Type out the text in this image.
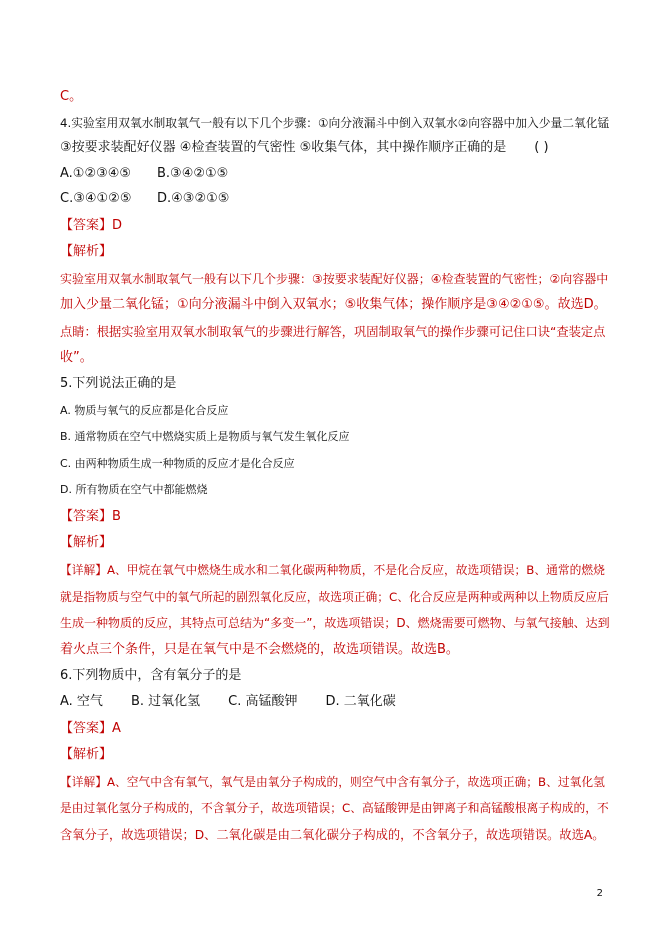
C。
4.实验室用双氧水制取氧气一般有以下几个步骤：①向分液漏斗中倒入双氧水②向容器中加入少量二氧化锰
③按要求装配好仪器 ④检查装置的气密性 ⑤收集气体，其中操作顺序正确的是 ( )
A.①②③④⑤ B.③④②①⑤
C.③④①②⑤ D.④③②①⑤
【答案】D
【解析】
实验室用双氧水制取氧气一般有以下几个步骤：③按要求装配好仪器；④检查装置的气密性；②向容器中
加入少量二氧化锰；①向分液漏斗中倒入双氧水；⑤收集气体；操作顺序是③④②①⑤。故选D。
点睛：根据实验室用双氧水制取氧气的步骤进行解答，巩固制取氧气的操作步骤可记住口诀“查装定点
收”。
5.下列说法正确的是
A. 物质与氧气的反应都是化合反应
B. 通常物质在空气中燃烧实质上是物质与氧气发生氧化反应
C. 由两种物质生成一种物质的反应才是化合反应
D. 所有物质在空气中都能燃烧
【答案】B
【解析】
【详解】A、甲烷在氧气中燃烧生成水和二氧化碳两种物质，不是化合反应，故选项错误；B、通常的燃烧
就是指物质与空气中的氧气所起的剧烈氧化反应，故选项正确；C、化合反应是两种或两种以上物质反应后
生成一种物质的反应，其特点可总结为“多变一”，故选项错误；D、燃烧需要可燃物、与氧气接触、达到
着火点三个条件，只是在氧气中是不会燃烧的，故选项错误。故选B。
6.下列物质中，含有氧分子的是
A. 空气 B. 过氧化氢 C. 高锰酸钾 D. 二氧化碳
【答案】A
【解析】
【详解】A、空气中含有氧气，氧气是由氧分子构成的，则空气中含有氧分子，故选项正确；B、过氧化氢
是由过氧化氢分子构成的，不含氧分子，故选项错误；C、高锰酸钾是由钾离子和高锰酸根离子构成的，不
含氧分子，故选项错误；D、二氧化碳是由二氧化碳分子构成的，不含氧分子，故选项错误。故选A。
2
